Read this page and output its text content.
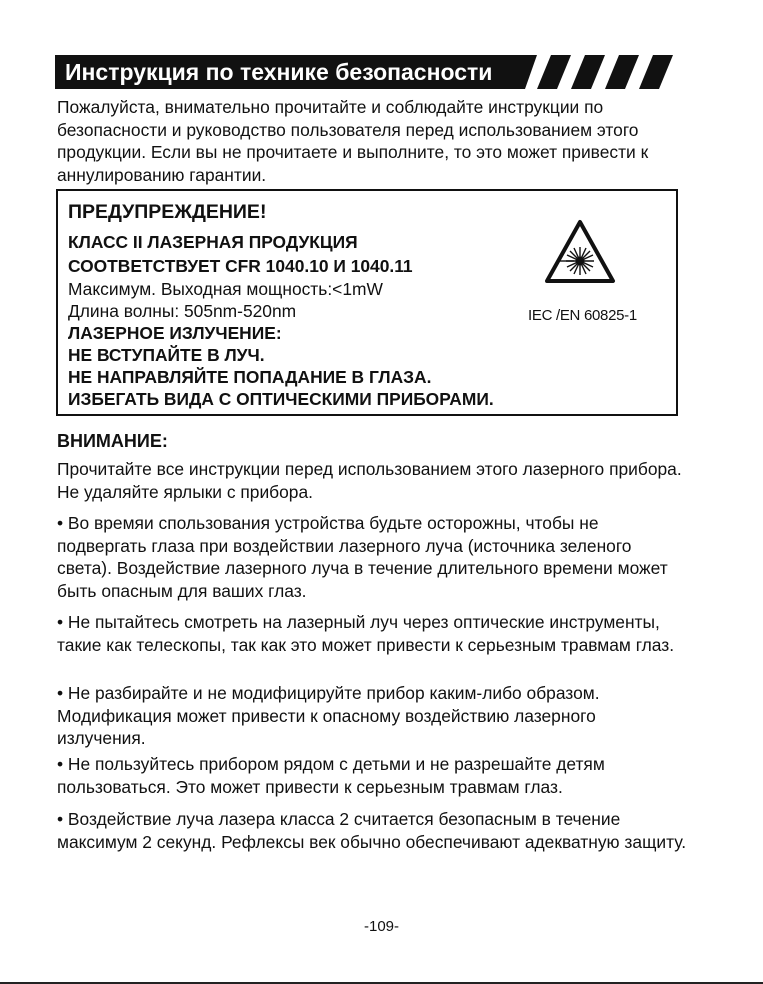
Инструкция по технике безопасности

Пожалуйста, внимательно прочитайте и соблюдайте инструкции по безопасности и руководство пользователя перед использованием этого продукции. Если вы не прочитаете и выполните, то это может привести к аннулированию гарантии.

ПРЕДУПРЕЖДЕНИЕ!
КЛАСС II ЛАЗЕРНАЯ ПРОДУКЦИЯ
СООТВЕТСТВУЕТ CFR 1040.10 И 1040.11
Максимум. Выходная мощность:<1mW
Длина волны: 505nm-520nm
ЛАЗЕРНОЕ ИЗЛУЧЕНИЕ:
НЕ ВСТУПАЙТЕ В ЛУЧ.
НЕ НАПРАВЛЯЙТЕ ПОПАДАНИЕ В ГЛАЗА.
ИЗБЕГАТЬ ВИДА С ОПТИЧЕСКИМИ ПРИБОРАМИ.
IEC /EN 60825-1
ВНИМАНИЕ:

Прочитайте все инструкции перед использованием этого лазерного прибора. Не удаляйте ярлыки с прибора.

• Во времяи спользования устройства будьте осторожны, чтобы не подвергать глаза при воздействии лазерного луча (источника зеленого света). Воздействие лазерного луча в течение длительного времени может быть опасным для ваших глаз.

• Не пытайтесь смотреть на лазерный луч через оптические инструменты, такие как телескопы, так как это может привести к серьезным травмам глаз.

• Не разбирайте и не модифицируйте прибор каким-либо образом. Модификация может привести к опасному воздействию лазерного излучения.

• Не пользуйтесь прибором рядом с детьми и не разрешайте детям пользоваться. Это может привести к серьезным травмам глаз.

• Воздействие луча лазера класса 2 считается безопасным в течение максимум 2 секунд. Рефлексы век обычно обеспечивают адекватную защиту.

-109-
